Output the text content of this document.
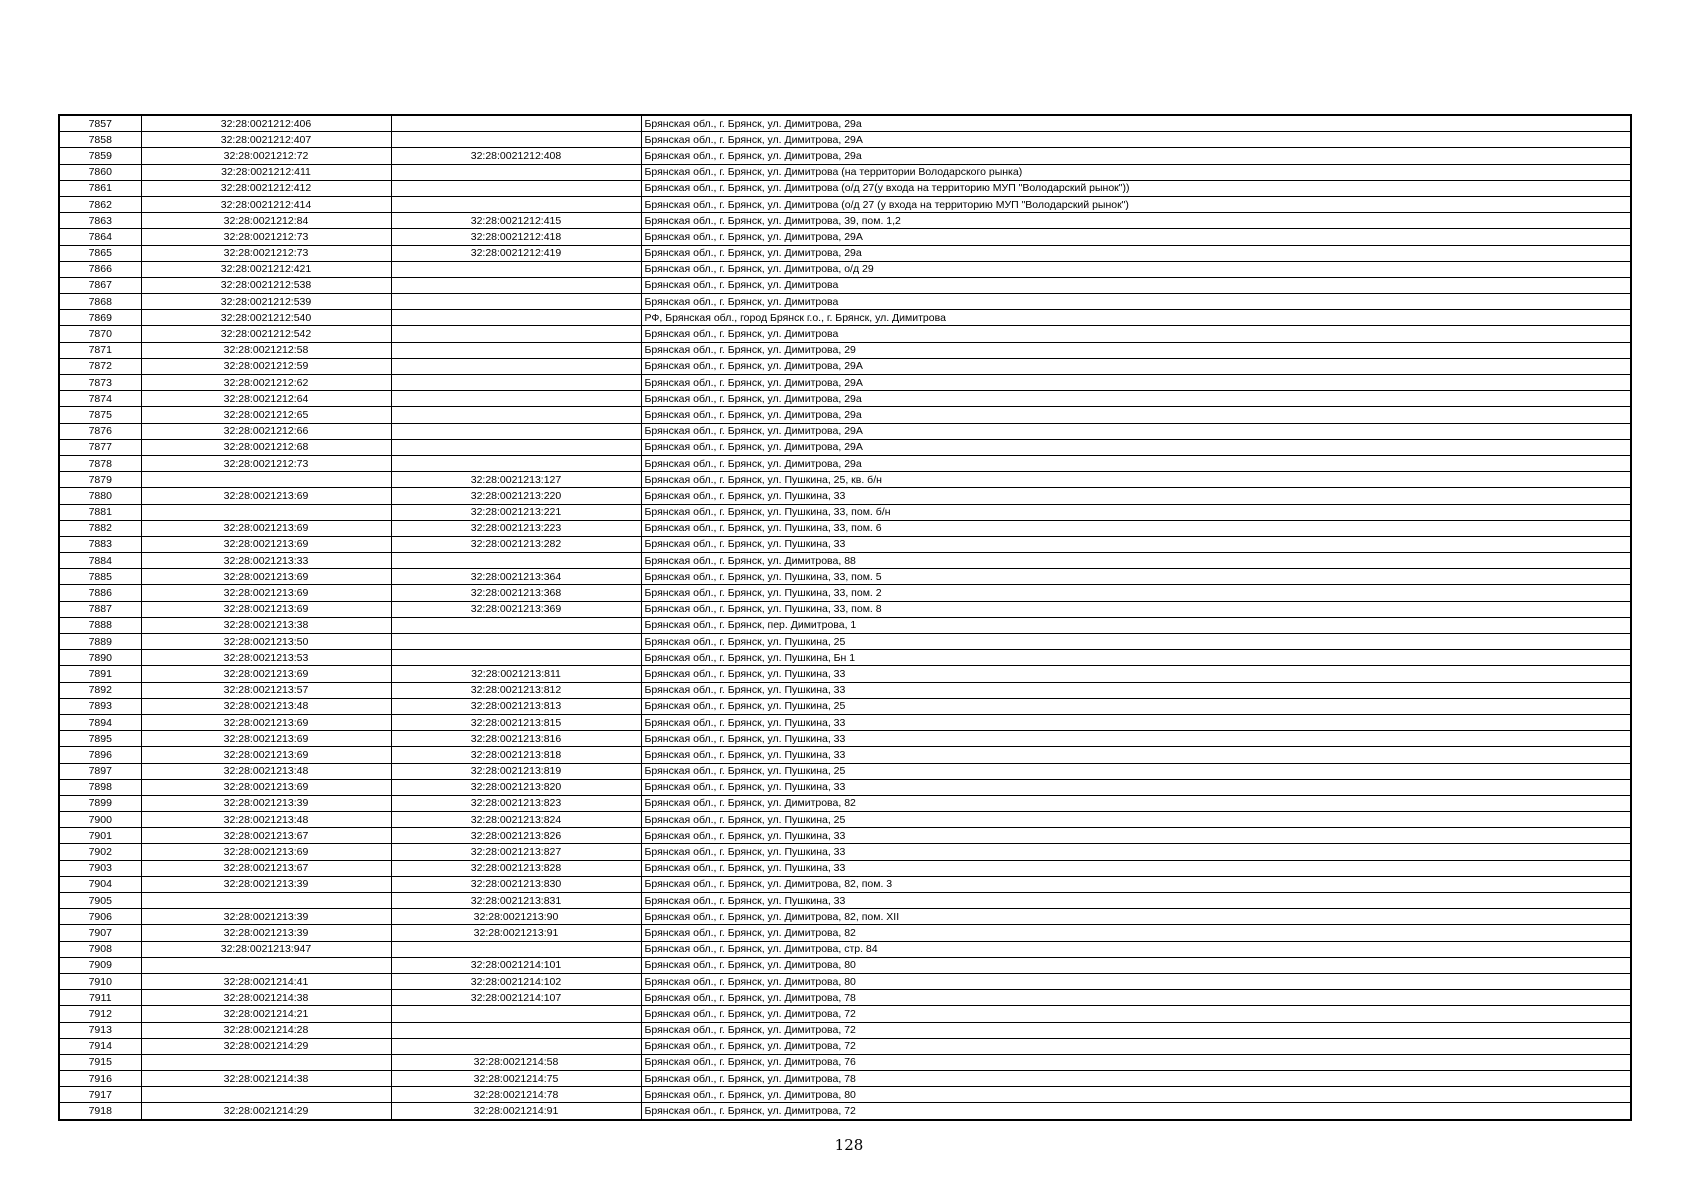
7857	32:28:0021212:406		Брянская обл., г. Брянск, ул. Димитрова, 29а
7858	32:28:0021212:407		Брянская обл., г. Брянск, ул. Димитрова, 29А
7859	32:28:0021212:72	32:28:0021212:408	Брянская обл., г. Брянск, ул. Димитрова, 29а
7860	32:28:0021212:411		Брянская обл., г. Брянск, ул. Димитрова (на территории Володарского рынка)
7861	32:28:0021212:412		Брянская обл., г. Брянск, ул. Димитрова (о/д 27(у входа на территорию МУП "Володарский рынок"))
7862	32:28:0021212:414		Брянская обл., г. Брянск, ул. Димитрова (о/д 27 (у входа на территорию МУП "Володарский рынок")
7863	32:28:0021212:84	32:28:0021212:415	Брянская обл., г. Брянск, ул. Димитрова, 39, пом. 1,2
7864	32:28:0021212:73	32:28:0021212:418	Брянская обл., г. Брянск, ул. Димитрова, 29А
7865	32:28:0021212:73	32:28:0021212:419	Брянская обл., г. Брянск, ул. Димитрова, 29а
7866	32:28:0021212:421		Брянская обл., г. Брянск, ул. Димитрова, о/д 29
7867	32:28:0021212:538		Брянская обл., г. Брянск, ул. Димитрова
7868	32:28:0021212:539		Брянская обл., г. Брянск, ул. Димитрова
7869	32:28:0021212:540		РФ, Брянская обл., город Брянск г.о., г. Брянск, ул. Димитрова
7870	32:28:0021212:542		Брянская обл., г. Брянск, ул. Димитрова
7871	32:28:0021212:58		Брянская обл., г. Брянск, ул. Димитрова, 29
7872	32:28:0021212:59		Брянская обл., г. Брянск, ул. Димитрова, 29А
7873	32:28:0021212:62		Брянская обл., г. Брянск, ул. Димитрова, 29А
7874	32:28:0021212:64		Брянская обл., г. Брянск, ул. Димитрова, 29а
7875	32:28:0021212:65		Брянская обл., г. Брянск, ул. Димитрова, 29а
7876	32:28:0021212:66		Брянская обл., г. Брянск, ул. Димитрова, 29А
7877	32:28:0021212:68		Брянская обл., г. Брянск, ул. Димитрова, 29А
7878	32:28:0021212:73		Брянская обл., г. Брянск, ул. Димитрова, 29а
7879		32:28:0021213:127	Брянская обл., г. Брянск, ул. Пушкина, 25, кв. б/н
7880	32:28:0021213:69	32:28:0021213:220	Брянская обл., г. Брянск, ул. Пушкина, 33
7881		32:28:0021213:221	Брянская обл., г. Брянск, ул. Пушкина, 33, пом. б/н
7882	32:28:0021213:69	32:28:0021213:223	Брянская обл., г. Брянск, ул. Пушкина, 33, пом. 6
7883	32:28:0021213:69	32:28:0021213:282	Брянская обл., г. Брянск, ул. Пушкина, 33
7884	32:28:0021213:33		Брянская обл., г. Брянск, ул. Димитрова, 88
7885	32:28:0021213:69	32:28:0021213:364	Брянская обл., г. Брянск, ул. Пушкина, 33, пом. 5
7886	32:28:0021213:69	32:28:0021213:368	Брянская обл., г. Брянск, ул. Пушкина, 33, пом. 2
7887	32:28:0021213:69	32:28:0021213:369	Брянская обл., г. Брянск, ул. Пушкина, 33, пом. 8
7888	32:28:0021213:38		Брянская обл., г. Брянск, пер. Димитрова, 1
7889	32:28:0021213:50		Брянская обл., г. Брянск, ул. Пушкина, 25
7890	32:28:0021213:53		Брянская обл., г. Брянск, ул. Пушкина, Бн 1
7891	32:28:0021213:69	32:28:0021213:811	Брянская обл., г. Брянск, ул. Пушкина, 33
7892	32:28:0021213:57	32:28:0021213:812	Брянская обл., г. Брянск, ул. Пушкина, 33
7893	32:28:0021213:48	32:28:0021213:813	Брянская обл., г. Брянск, ул. Пушкина, 25
7894	32:28:0021213:69	32:28:0021213:815	Брянская обл., г. Брянск, ул. Пушкина, 33
7895	32:28:0021213:69	32:28:0021213:816	Брянская обл., г. Брянск, ул. Пушкина, 33
7896	32:28:0021213:69	32:28:0021213:818	Брянская обл., г. Брянск, ул. Пушкина, 33
7897	32:28:0021213:48	32:28:0021213:819	Брянская обл., г. Брянск, ул. Пушкина, 25
7898	32:28:0021213:69	32:28:0021213:820	Брянская обл., г. Брянск, ул. Пушкина, 33
7899	32:28:0021213:39	32:28:0021213:823	Брянская обл., г. Брянск, ул. Димитрова, 82
7900	32:28:0021213:48	32:28:0021213:824	Брянская обл., г. Брянск, ул. Пушкина, 25
7901	32:28:0021213:67	32:28:0021213:826	Брянская обл., г. Брянск, ул. Пушкина, 33
7902	32:28:0021213:69	32:28:0021213:827	Брянская обл., г. Брянск, ул. Пушкина, 33
7903	32:28:0021213:67	32:28:0021213:828	Брянская обл., г. Брянск, ул. Пушкина, 33
7904	32:28:0021213:39	32:28:0021213:830	Брянская обл., г. Брянск, ул. Димитрова, 82, пом. 3
7905		32:28:0021213:831	Брянская обл., г. Брянск, ул. Пушкина, 33
7906	32:28:0021213:39	32:28:0021213:90	Брянская обл., г. Брянск, ул. Димитрова, 82, пом. XII
7907	32:28:0021213:39	32:28:0021213:91	Брянская обл., г. Брянск, ул. Димитрова, 82
7908	32:28:0021213:947		Брянская обл., г. Брянск, ул. Димитрова, стр. 84
7909		32:28:0021214:101	Брянская обл., г. Брянск, ул. Димитрова, 80
7910	32:28:0021214:41	32:28:0021214:102	Брянская обл., г. Брянск, ул. Димитрова, 80
7911	32:28:0021214:38	32:28:0021214:107	Брянская обл., г. Брянск, ул. Димитрова, 78
7912	32:28:0021214:21		Брянская обл., г. Брянск, ул. Димитрова, 72
7913	32:28:0021214:28		Брянская обл., г. Брянск, ул. Димитрова, 72
7914	32:28:0021214:29		Брянская обл., г. Брянск, ул. Димитрова, 72
7915		32:28:0021214:58	Брянская обл., г. Брянск, ул. Димитрова, 76
7916	32:28:0021214:38	32:28:0021214:75	Брянская обл., г. Брянск, ул. Димитрова, 78
7917		32:28:0021214:78	Брянская обл., г. Брянск, ул. Димитрова, 80
7918	32:28:0021214:29	32:28:0021214:91	Брянская обл., г. Брянск, ул. Димитрова, 72
128
